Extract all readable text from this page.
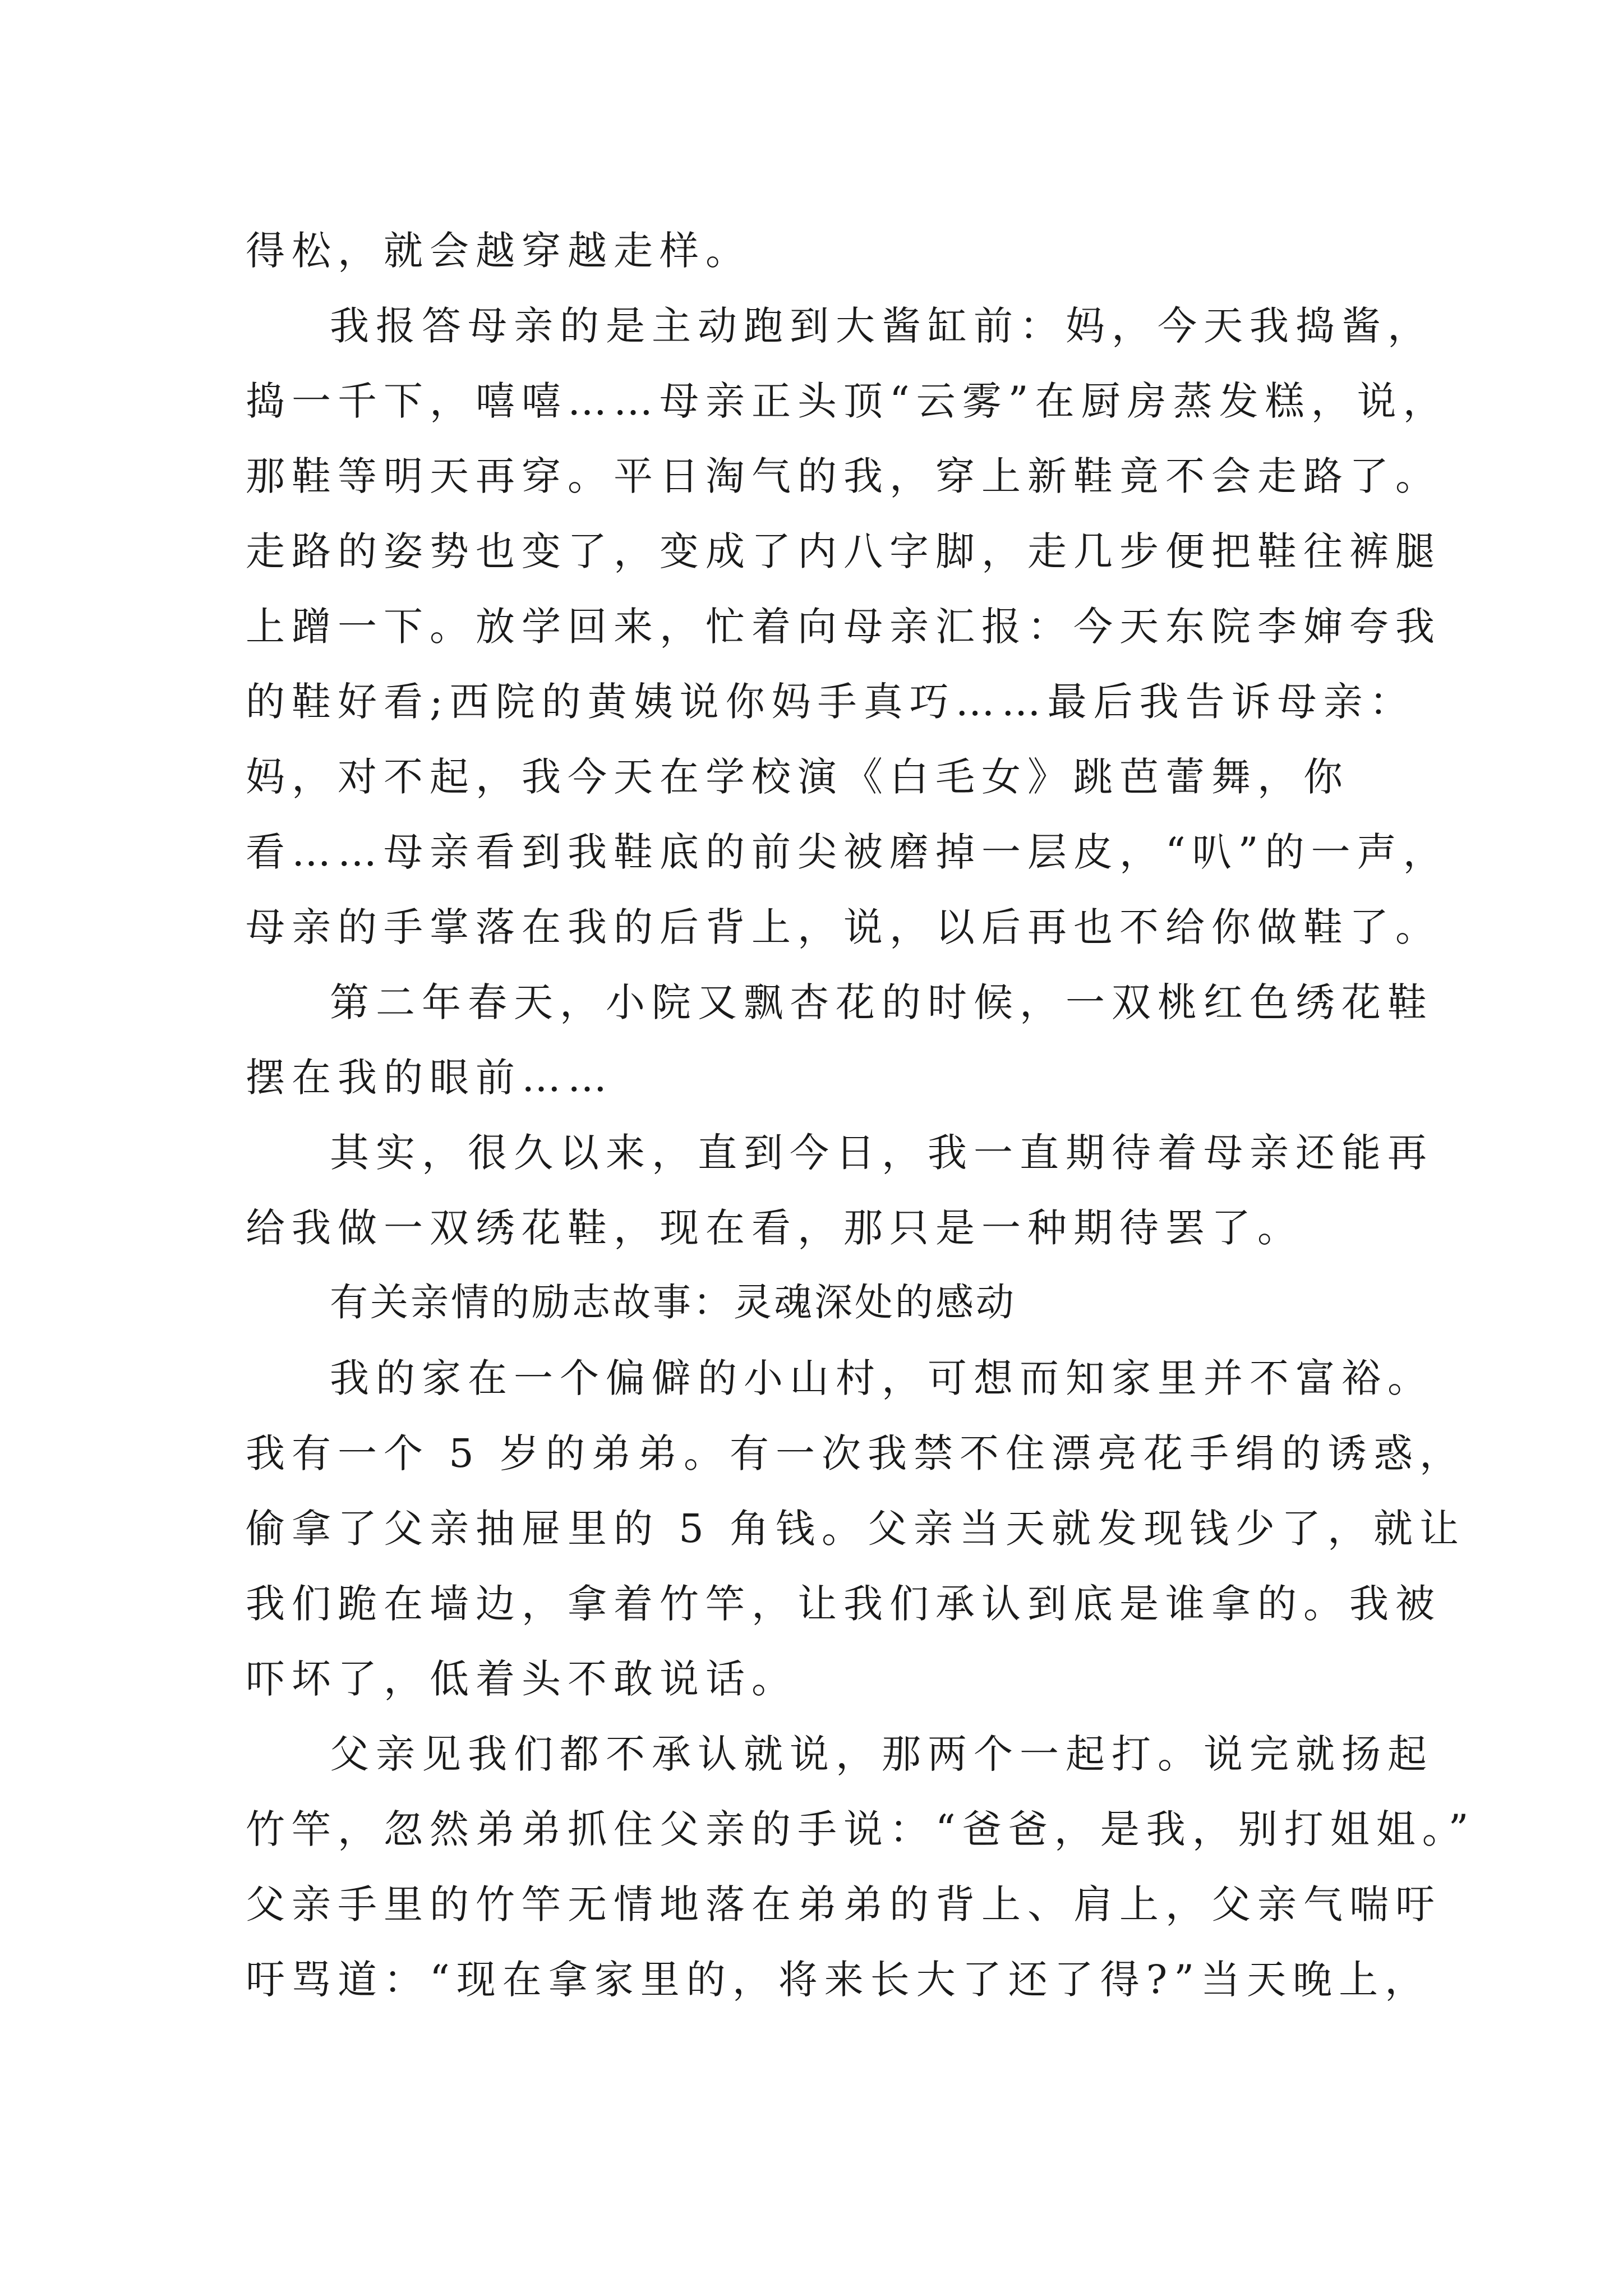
得松，就会越穿越走样。
我报答母亲的是主动跑到大酱缸前：妈，今天我捣酱，
捣一千下，嘻嘻……母亲正头顶“云雾”在厨房蒸发糕，说，
那鞋等明天再穿。平日淘气的我，穿上新鞋竟不会走路了。
走路的姿势也变了，变成了内八字脚，走几步便把鞋往裤腿
上蹭一下。放学回来，忙着向母亲汇报：今天东院李婶夸我
的鞋好看;西院的黄姨说你妈手真巧……最后我告诉母亲：
妈，对不起，我今天在学校演《白毛女》跳芭蕾舞，你
看……母亲看到我鞋底的前尖被磨掉一层皮，“叭”的一声，
母亲的手掌落在我的后背上，说，以后再也不给你做鞋了。
第二年春天，小院又飘杏花的时候，一双桃红色绣花鞋
摆在我的眼前……
其实，很久以来，直到今日，我一直期待着母亲还能再
给我做一双绣花鞋，现在看，那只是一种期待罢了。
有关亲情的励志故事：灵魂深处的感动
我的家在一个偏僻的小山村，可想而知家里并不富裕。
我有一个 5 岁的弟弟。有一次我禁不住漂亮花手绢的诱惑，
偷拿了父亲抽屉里的 5 角钱。父亲当天就发现钱少了，就让
我们跪在墙边，拿着竹竿，让我们承认到底是谁拿的。我被
吓坏了，低着头不敢说话。
父亲见我们都不承认就说，那两个一起打。说完就扬起
竹竿，忽然弟弟抓住父亲的手说：“爸爸，是我，别打姐姐。”
父亲手里的竹竿无情地落在弟弟的背上、肩上，父亲气喘吁
吁骂道：“现在拿家里的，将来长大了还了得?”当天晚上，
